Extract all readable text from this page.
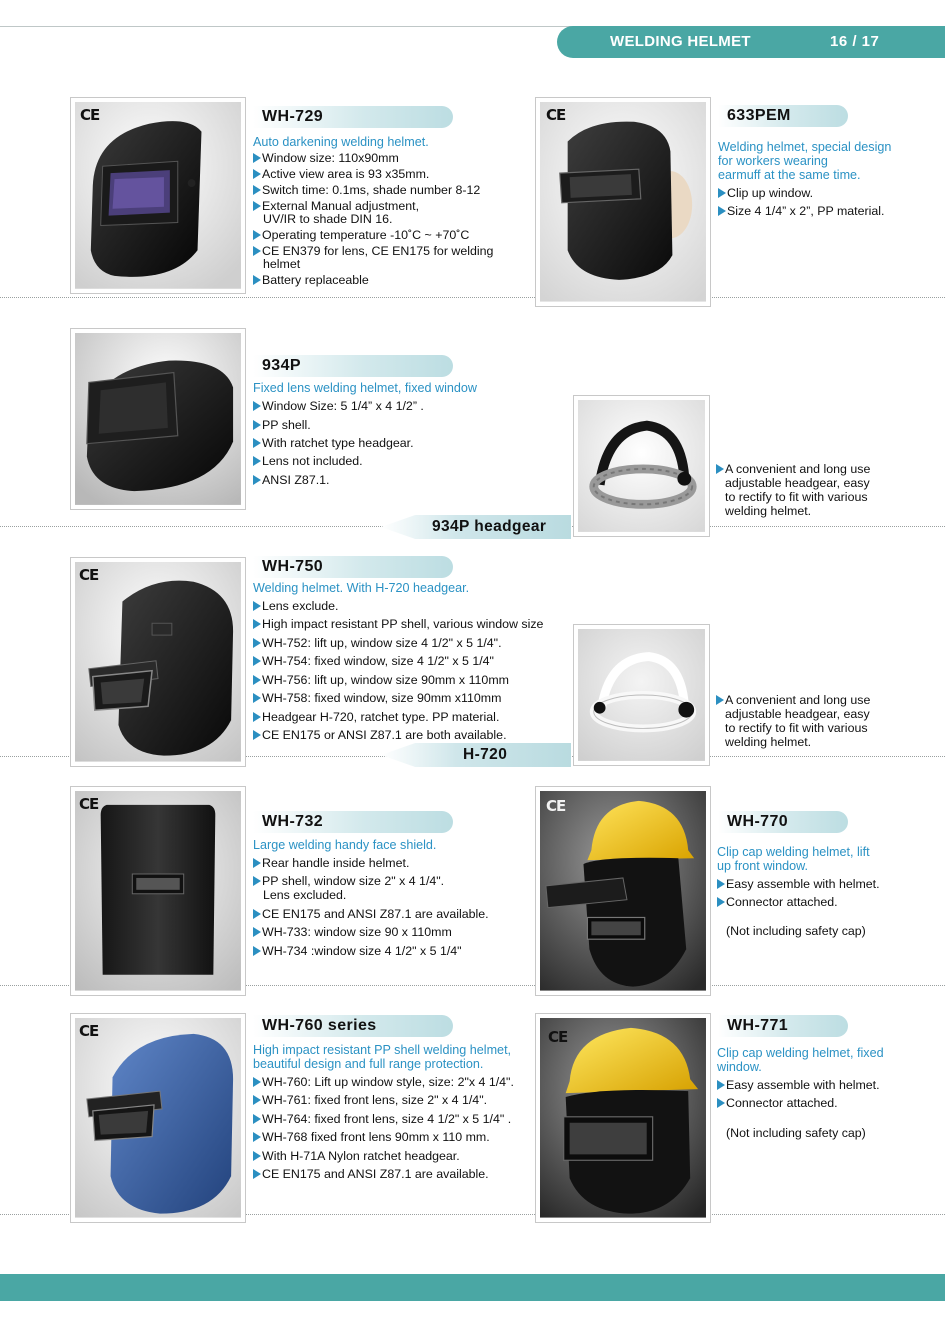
WELDING HELMET	16 / 17
CE	WH-729
Auto darkening welding helmet.
Window size: 110x90mm
Active view area is 93 x35mm.
Switch time: 0.1ms, shade number 8-12
External Manual adjustment,
UV/IR to shade DIN 16.
Operating temperature -10˚C ~ +70˚C
CE EN379 for lens, CE EN175 for welding
helmet
Battery replaceable
CE	633PEM
Welding helmet, special design
for workers wearing
earmuff at the same time.
Clip up window.
Size 4 1/4” x 2”, PP material.
934P
Fixed lens welding helmet, fixed window
Window Size: 5 1/4” x 4 1/2” .
PP shell.
With ratchet type headgear.
Lens not included.
ANSI Z87.1.
934P headgear
A convenient and long use
adjustable headgear, easy
to rectify to fit with various
welding helmet.
CE	WH-750
Welding helmet. With H-720 headgear.
Lens exclude.
High impact resistant PP shell, various window size
WH-752: lift up, window size 4 1/2" x 5 1/4".
WH-754: fixed window, size 4 1/2" x 5 1/4"
WH-756: lift up, window size 90mm x 110mm
WH-758: fixed window, size 90mm x110mm
Headgear H-720, ratchet type. PP material.
CE EN175 or ANSI Z87.1 are both available.
H-720
A convenient and long use
adjustable headgear, easy
to rectify to fit with various
welding helmet.
CE
WH-732
Large welding handy face shield.
Rear handle inside helmet.
PP shell, window size 2" x 4 1/4".
Lens excluded.
CE EN175 and ANSI Z87.1 are available.
WH-733: window size 90 x 110mm
WH-734 :window size 4 1/2" x 5 1/4"
CE
WH-770
Clip cap welding helmet, lift
up front window.
Easy assemble with helmet.
Connector attached.
(Not including safety cap)
CE	WH-760 series
High impact resistant PP shell welding helmet,
beautiful design and full range protection.
WH-760: Lift up window style, size: 2"x 4 1/4".
WH-761: fixed front lens, size 2" x 4 1/4".
WH-764: fixed front lens, size 4 1/2" x 5 1/4" .
WH-768 fixed front lens 90mm x 110 mm.
With H-71A Nylon ratchet headgear.
CE EN175 and ANSI Z87.1 are available.
CE
WH-771
Clip cap welding helmet, fixed
window.
Easy assemble with helmet.
Connector attached.
(Not including safety cap)
